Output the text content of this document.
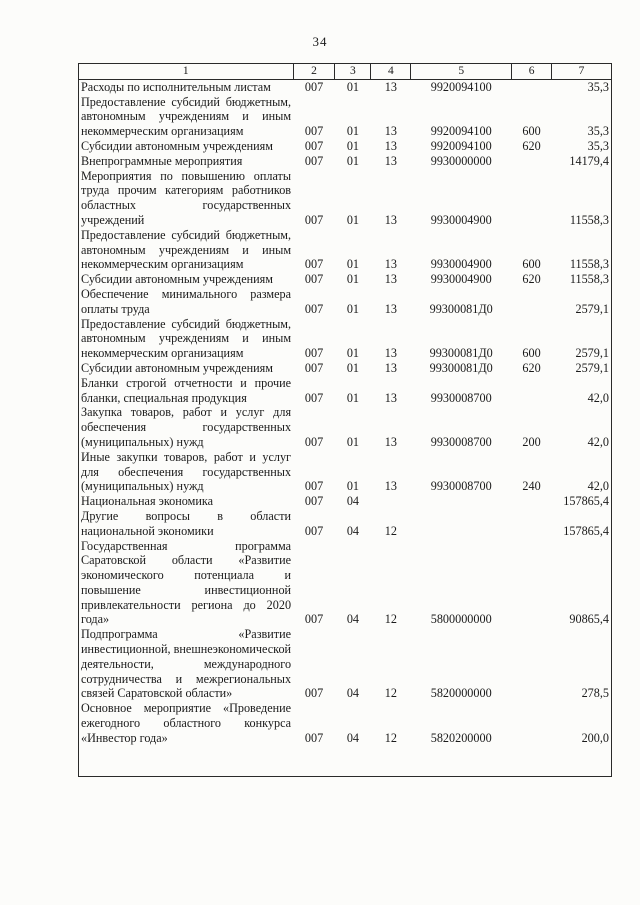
34
1	2	3	4	5	6	7
Расходы по исполнительным листам	007	01	13	9920094100		35,3
Предоставление субсидий бюджетным, автономным учреждениям и иным некоммерческим организациям	007	01	13	9920094100	600	35,3
Субсидии автономным учреждениям	007	01	13	9920094100	620	35,3
Внепрограммные мероприятия	007	01	13	9930000000		14179,4
Мероприятия по повышению оплаты труда прочим категориям работников областных государственных учреждений	007	01	13	9930004900		11558,3
Предоставление субсидий бюджетным, автономным учреждениям и иным некоммерческим организациям	007	01	13	9930004900	600	11558,3
Субсидии автономным учреждениям	007	01	13	9930004900	620	11558,3
Обеспечение минимального размера оплаты труда	007	01	13	99300081Д0		2579,1
Предоставление субсидий бюджетным, автономным учреждениям и иным некоммерческим организациям	007	01	13	99300081Д0	600	2579,1
Субсидии автономным учреждениям	007	01	13	99300081Д0	620	2579,1
Бланки строгой отчетности и прочие бланки, специальная продукция	007	01	13	9930008700		42,0
Закупка товаров, работ и услуг для обеспечения государственных (муниципальных) нужд	007	01	13	9930008700	200	42,0
Иные закупки товаров, работ и услуг для обеспечения государственных (муниципальных) нужд	007	01	13	9930008700	240	42,0
Национальная экономика	007	04				157865,4
Другие вопросы в области национальной экономики	007	04	12			157865,4
Государственная программа Саратовской области «Развитие экономического потенциала и повышение инвестиционной привлекательности региона до 2020 года»	007	04	12	5800000000		90865,4
Подпрограмма «Развитие инвестиционной, внешнеэкономической деятельности, международного сотрудничества и межрегиональных связей Саратовской области»	007	04	12	5820000000		278,5
Основное мероприятие «Проведение ежегодного областного конкурса «Инвестор года»	007	04	12	5820200000		200,0
